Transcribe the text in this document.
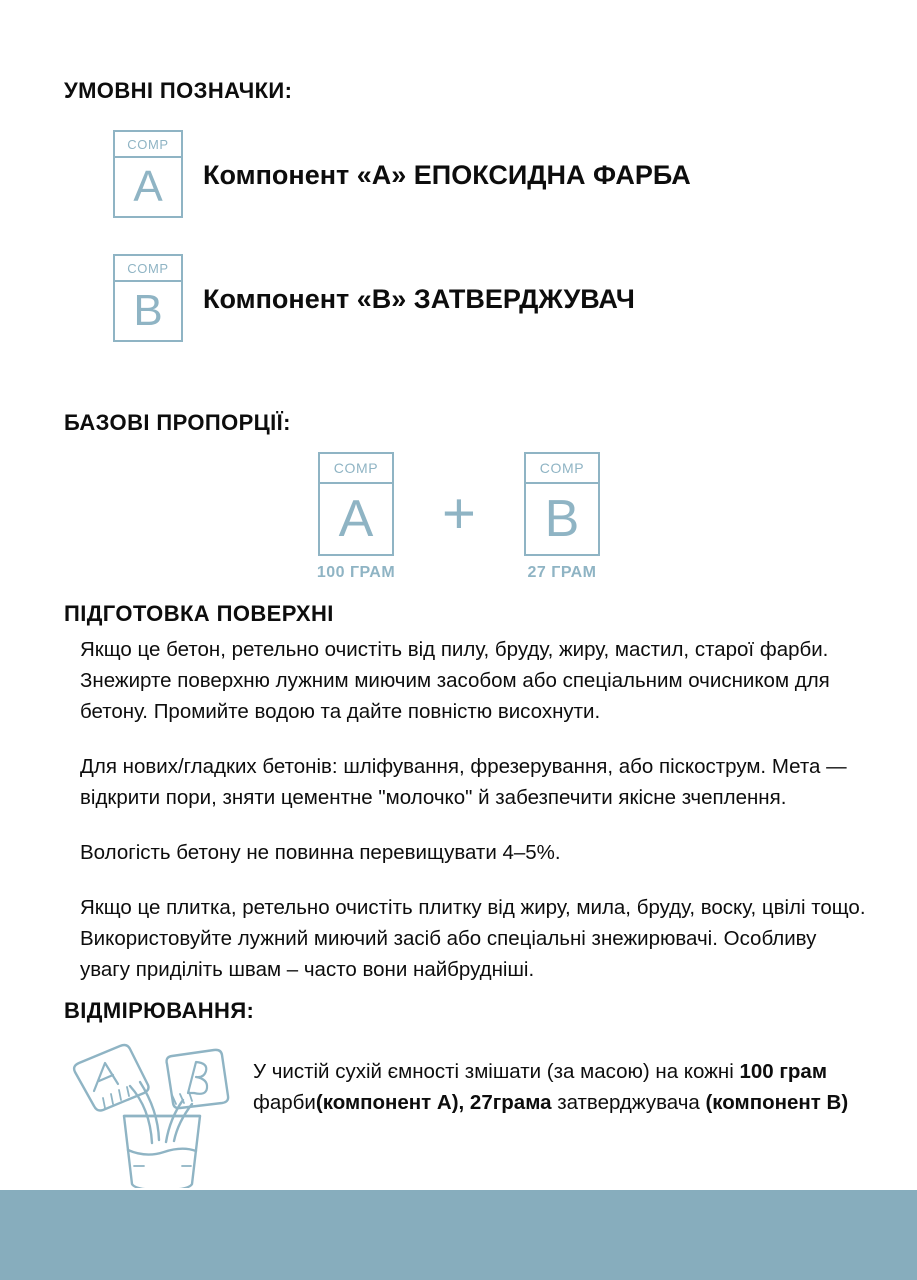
УМОВНІ ПОЗНАЧКИ:
COMP
A	Компонент «А» ЕПОКСИДНА ФАРБА
COMP
B	Компонент «В» ЗАТВЕРДЖУВАЧ
БАЗОВІ ПРОПОРЦІЇ:
COMP
A
100 ГРАМ
+
COMP
B
27 ГРАМ
ПІДГОТОВКА ПОВЕРХНІ

Якщо це бетон, ретельно очистіть від пилу, бруду, жиру, мастил, старої фарби. Знежирте поверхню лужним миючим засобом або спеціальним очисником для бетону. Промийте водою та дайте повністю висохнути.

Для нових/гладких бетонів: шліфування, фрезерування, або піскострум. Мета — відкрити пори, зняти цементне "молочко" й забезпечити якісне зчеплення.

Вологість бетону не повинна перевищувати 4–5%.

Якщо це плитка, ретельно очистіть плитку від жиру, мила, бруду, воску, цвілі тощо. Використовуйте лужний миючий засіб або спеціальні знежирювачі. Особливу увагу приділіть швам – часто вони найбрудніші.

ВІДМІРЮВАННЯ:
У чистій сухій ємності змішати (за масою) на кожні 100 грам фарби(компонент А), 27грама затверджувача (компонент В)
